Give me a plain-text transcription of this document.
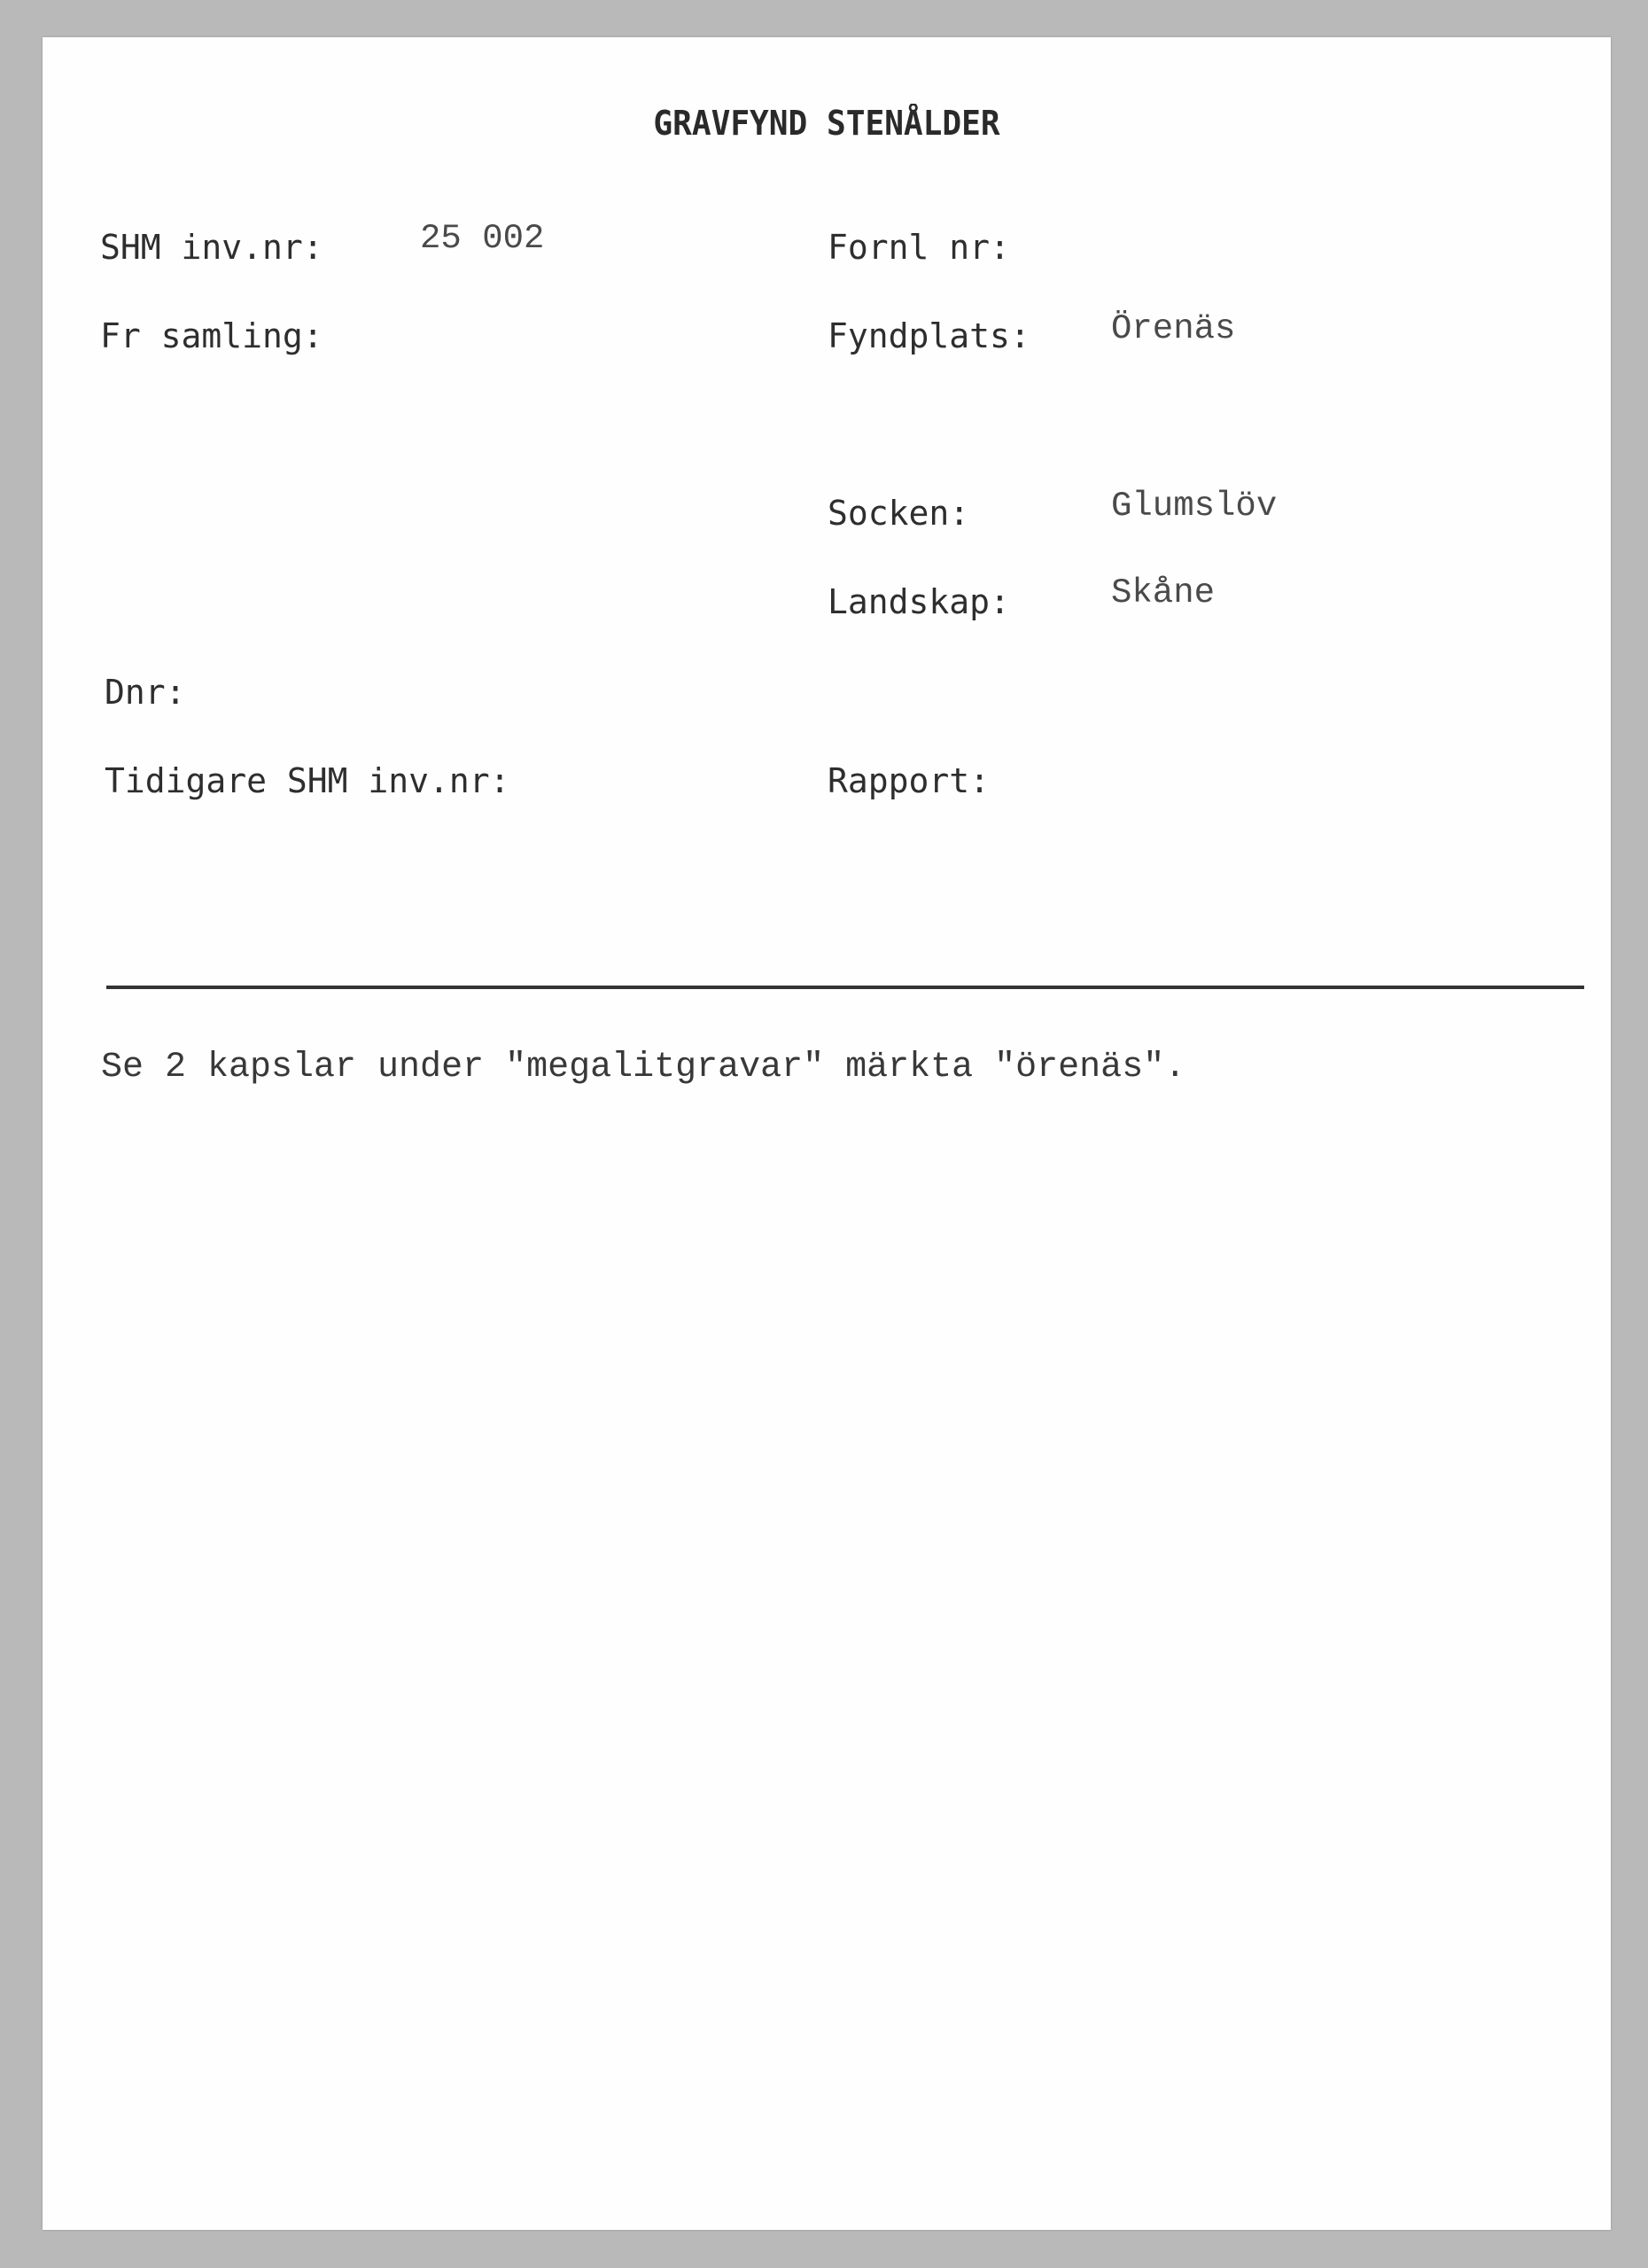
GRAVFYND STENÅLDER
SHM inv.nr:	25 002	Fornl nr:
Fr samling:	Fyndplats: Örenäs
Socken:	Glumslöv
Landskap:	Skåne
Dnr:
Tidigare SHM inv.nr:	Rapport:
Se 2 kapslar under "megalitgravar" märkta "örenäs".
